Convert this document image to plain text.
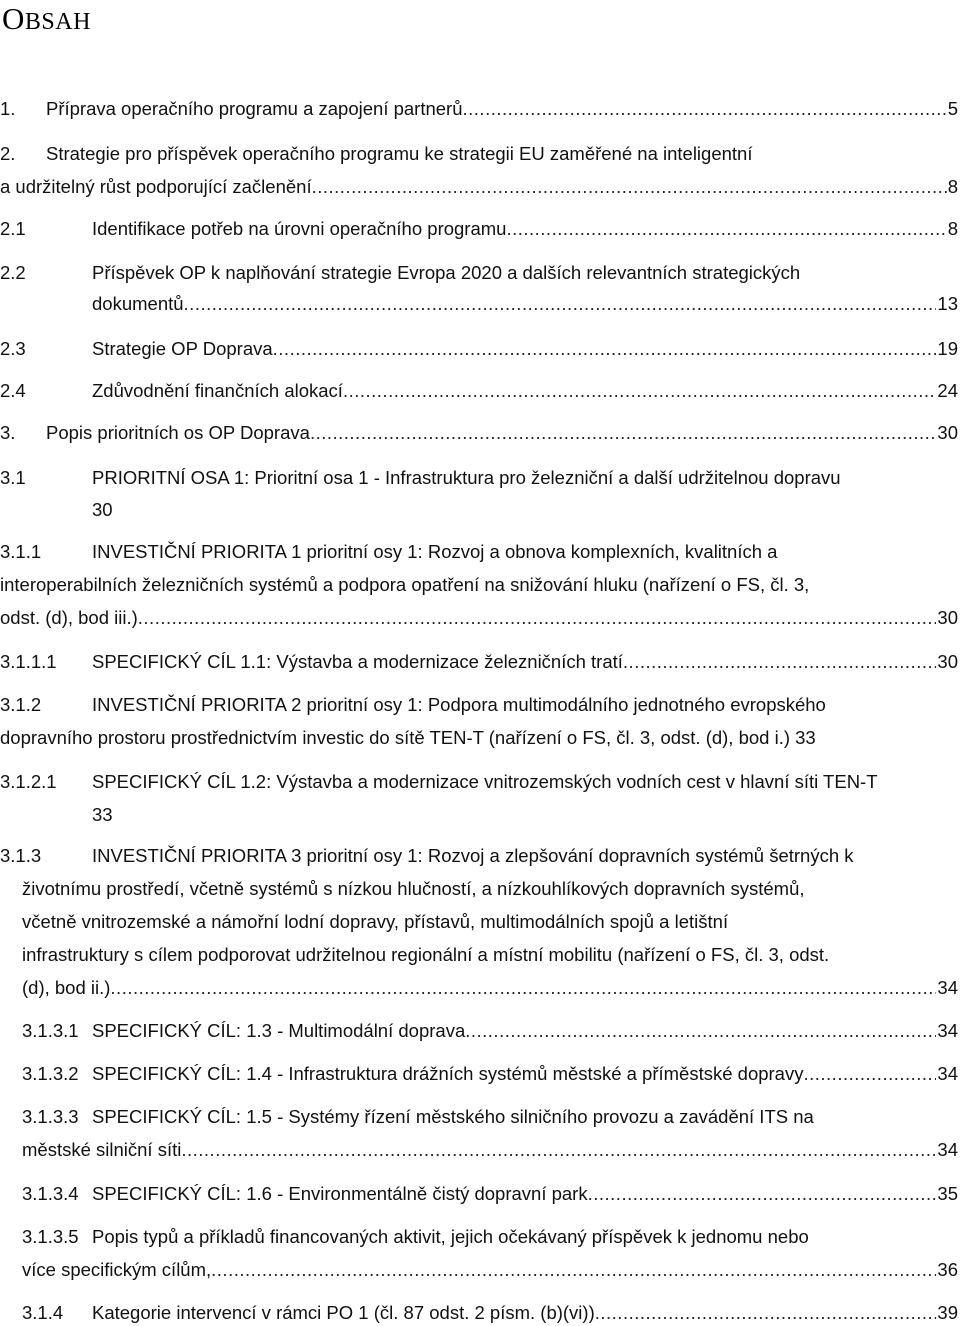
OBSAH
1. Příprava operačního programu a zapojení partnerů .....	5
2. Strategie pro příspěvek operačního programu ke strategii EU zaměřené na inteligentní
a udržitelný růst podporující začlenění .....	8
2.1	Identifikace potřeb na úrovni operačního programu .....	8
2.2	Příspěvek OP k naplňování strategie Evropa 2020 a dalších relevantních strategických
dokumentů .....	13
2.3	Strategie OP Doprava .....	19
2.4	Zdůvodnění finančních alokací .....	24
3. Popis prioritních os OP Doprava .....	30
3.1	PRIORITNÍ OSA 1: Prioritní osa 1 - Infrastruktura pro železniční a další udržitelnou dopravu
30
3.1.1	INVESTIČNÍ PRIORITA 1 prioritní osy 1: Rozvoj a obnova komplexních, kvalitních a
interoperabilních železničních systémů a podpora opatření na snižování hluku (nařízení o FS, čl. 3,
odst. (d), bod iii.) .....	30
3.1.1.1 SPECIFICKÝ CÍL 1.1: Výstavba a modernizace železničních tratí .....	30
3.1.2	INVESTIČNÍ PRIORITA 2 prioritní osy 1: Podpora multimodálního jednotného evropského
dopravního prostoru prostřednictvím investic do sítě TEN-T (nařízení o FS, čl. 3, odst. (d), bod i.) 33
3.1.2.1 SPECIFICKÝ CÍL 1.2: Výstavba a modernizace vnitrozemských vodních cest v hlavní síti TEN-T
33
3.1.3	INVESTIČNÍ PRIORITA 3 prioritní osy 1: Rozvoj a zlepšování dopravních systémů šetrných k
životnímu prostředí, včetně systémů s nízkou hlučností, a nízkouhlíkových dopravních systémů,
včetně vnitrozemské a námořní lodní dopravy, přístavů, multimodálních spojů a letištní
infrastruktury s cílem podporovat udržitelnou regionální a místní mobilitu (nařízení o FS, čl. 3, odst.
(d), bod ii.) .....	34
3.1.3.1 SPECIFICKÝ CÍL: 1.3 - Multimodální doprava .....	34
3.1.3.2 SPECIFICKÝ CÍL: 1.4 - Infrastruktura drážních systémů městské a příměstské dopravy .....	34
3.1.3.3 SPECIFICKÝ CÍL: 1.5 - Systémy řízení městského silničního provozu a zavádění ITS na
městské silniční síti .....	34
3.1.3.4 SPECIFICKÝ CÍL: 1.6 - Environmentálně čistý dopravní park .....	35
3.1.3.5 Popis typů a příkladů financovaných aktivit, jejich očekávaný příspěvek k jednomu nebo
více specifickým cílům, .....	36
3.1.4 Kategorie intervencí v rámci PO 1 (čl. 87 odst. 2 písm. (b)(vi)) .....	39
